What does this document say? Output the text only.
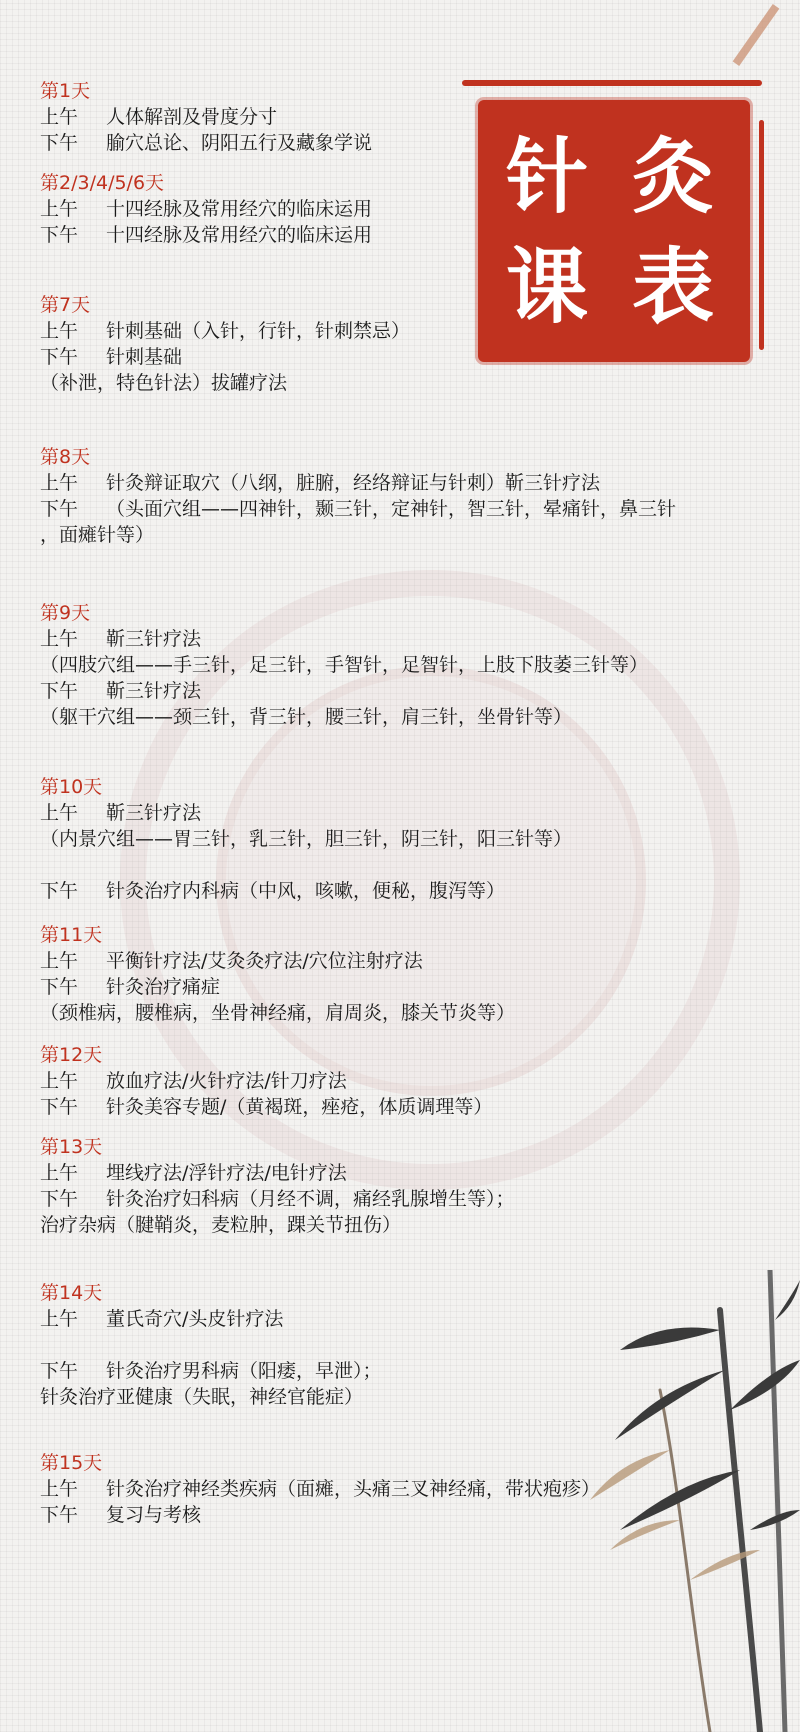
针 灸
课 表
第1天
上午 人体解剖及骨度分寸
下午 腧穴总论、阴阳五行及藏象学说
第2/3/4/5/6天
上午 十四经脉及常用经穴的临床运用
下午 十四经脉及常用经穴的临床运用
第7天
上午 针刺基础（入针，行针，针刺禁忌）
下午 针刺基础
（补泄，特色针法）拔罐疗法
第8天
上午 针灸辩证取穴（八纲，脏腑，经络辩证与针刺）靳三针疗法
下午 （头面穴组——四神针，颞三针，定神针，智三针，晕痛针，鼻三针
，面瘫针等）
第9天
上午 靳三针疗法
（四肢穴组——手三针，足三针，手智针，足智针，上肢下肢萎三针等）
下午 靳三针疗法
（躯干穴组——颈三针，背三针，腰三针，肩三针，坐骨针等）
第10天
上午 靳三针疗法
（内景穴组——胃三针，乳三针，胆三针，阴三针，阳三针等）

下午 针灸治疗内科病（中风，咳嗽，便秘，腹泻等）
第11天
上午 平衡针疗法/艾灸灸疗法/穴位注射疗法
下午 针灸治疗痛症
（颈椎病，腰椎病，坐骨神经痛，肩周炎，膝关节炎等）
第12天
上午 放血疗法/火针疗法/针刀疗法
下午 针灸美容专题/（黄褐斑，痤疮，体质调理等）
第13天
上午 埋线疗法/浮针疗法/电针疗法
下午 针灸治疗妇科病（月经不调，痛经乳腺增生等）；
治疗杂病（腱鞘炎，麦粒肿，踝关节扭伤）
第14天
上午 董氏奇穴/头皮针疗法

下午 针灸治疗男科病（阳痿，早泄）；
针灸治疗亚健康（失眠，神经官能症）
第15天
上午 针灸治疗神经类疾病（面瘫，头痛三叉神经痛，带状疱疹）
下午 复习与考核
